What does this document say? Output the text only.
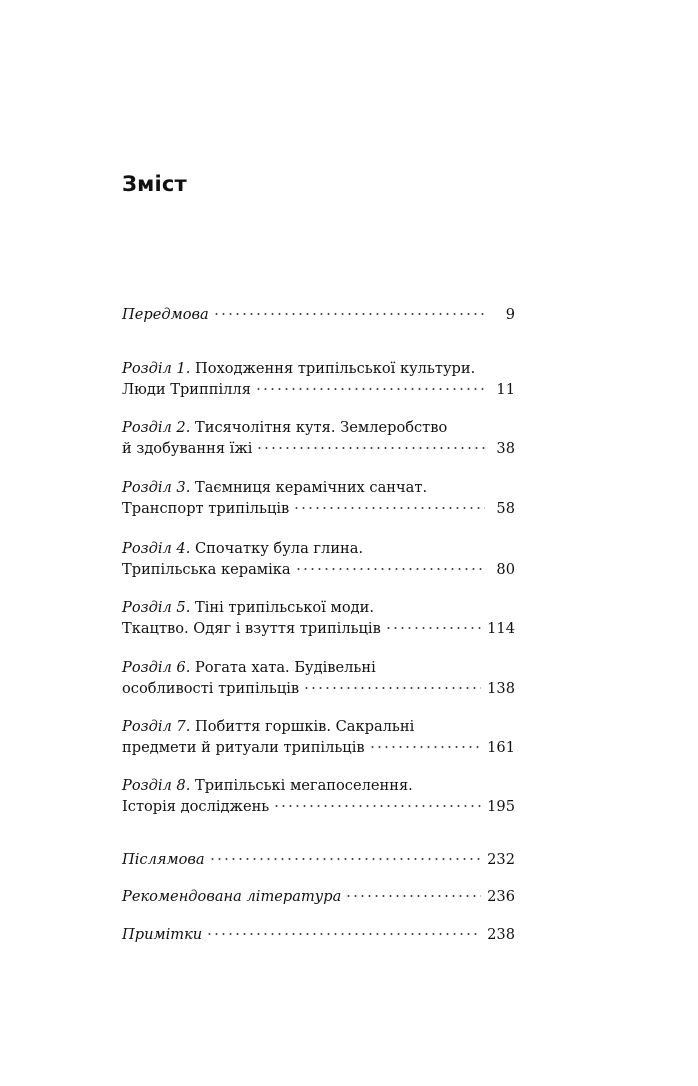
Зміст
Передмова	9
Розділ 1.
Походження трипільської культури.
Люди Триппілля	11
Розділ 2.
Тисячолітня кутя. Землеробство
й здобування їжі	38
Розділ 3.
Таємниця керамічних санчат.
Транспорт трипільців	58
Розділ 4.
Спочатку була глина.
Трипільська кераміка	80
Розділ 5.
Тіні трипільської моди.
Ткацтво. Одяг і взуття трипільців	114
Розділ 6.
Рогата хата. Будівельні
особливості трипільців	138
Розділ 7.
Побиття горшків. Сакральні
предмети й ритуали трипільців	161
Розділ 8.
Трипільські мегапоселення.
Історія досліджень	195
Післямова	232
Рекомендована література	236
Примітки	238
